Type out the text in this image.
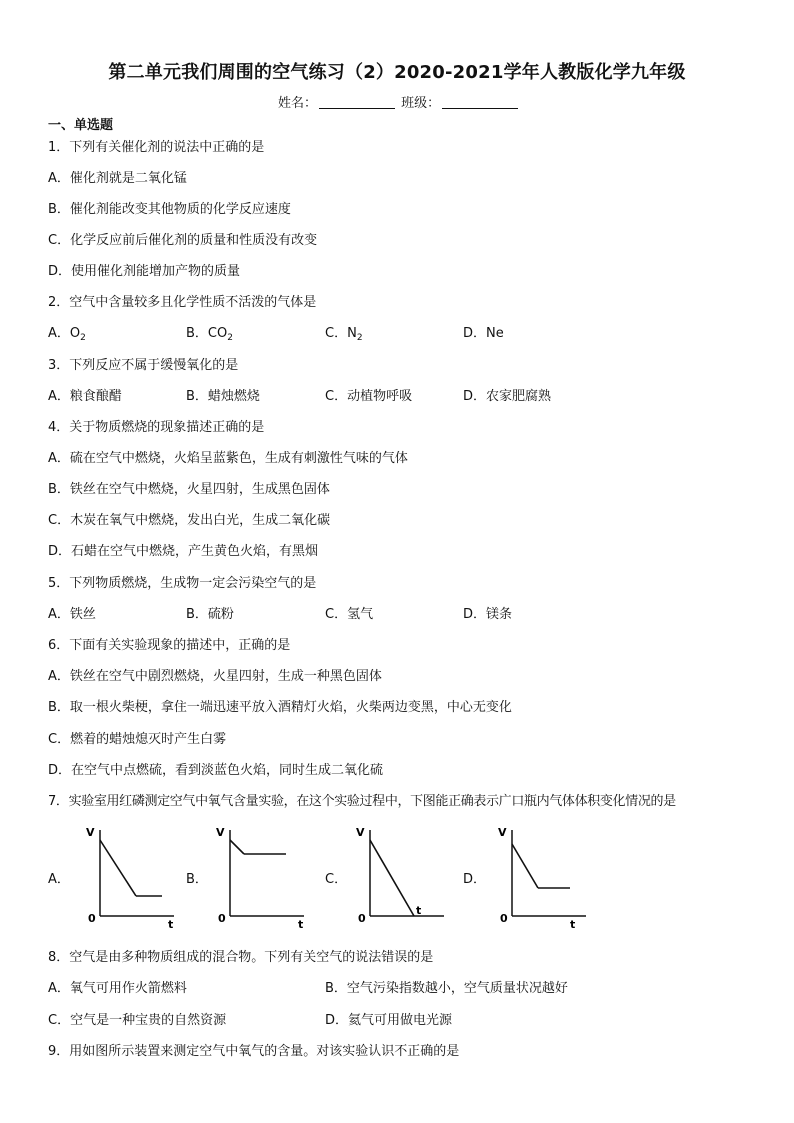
第二单元我们周围的空气练习（2）2020-2021学年人教版化学九年级
姓名：	班级：
一、单选题
1．下列有关催化剂的说法中正确的是
A．催化剂就是二氧化锰
B．催化剂能改变其他物质的化学反应速度
C．化学反应前后催化剂的质量和性质没有改变
D．使用催化剂能增加产物的质量
2．空气中含量较多且化学性质不活泼的气体是
A．$O_2$	B．$CO_2$	C．$N_2$	D．Ne
3．下列反应不属于缓慢氧化的是
A．粮食酿醋	B．蜡烛燃烧	C．动植物呼吸	D．农家肥腐熟
4．关于物质燃烧的现象描述正确的是
A．硫在空气中燃烧，火焰呈蓝紫色，生成有刺激性气味的气体
B．铁丝在空气中燃烧，火星四射，生成黑色固体
C．木炭在氧气中燃烧，发出白光，生成二氧化碳
D．石蜡在空气中燃烧，产生黄色火焰，有黑烟
5．下列物质燃烧，生成物一定会污染空气的是
A．铁丝	B．硫粉	C．氢气	D．镁条
6．下面有关实验现象的描述中，正确的是
A．铁丝在空气中剧烈燃烧，火星四射，生成一种黑色固体
B．取一根火柴梗，拿住一端迅速平放入酒精灯火焰，火柴两边变黑，中心无变化
C．燃着的蜡烛熄灭时产生白雾
D．在空气中点燃硫，看到淡蓝色火焰，同时生成二氧化硫
7．实验室用红磷测定空气中氧气含量实验，在这个实验过程中，下图能正确表示广口瓶内气体体积变化情况的是
A．
V
0	t
B．
V
0	t
C．
V
0
t
D．
V
0	t
8．空气是由多种物质组成的混合物。下列有关空气的说法错误的是
A．氧气可用作火箭燃料	B．空气污染指数越小，空气质量状况越好
C．空气是一种宝贵的自然资源	D．氦气可用做电光源
9．用如图所示装置来测定空气中氧气的含量。对该实验认识不正确的是
